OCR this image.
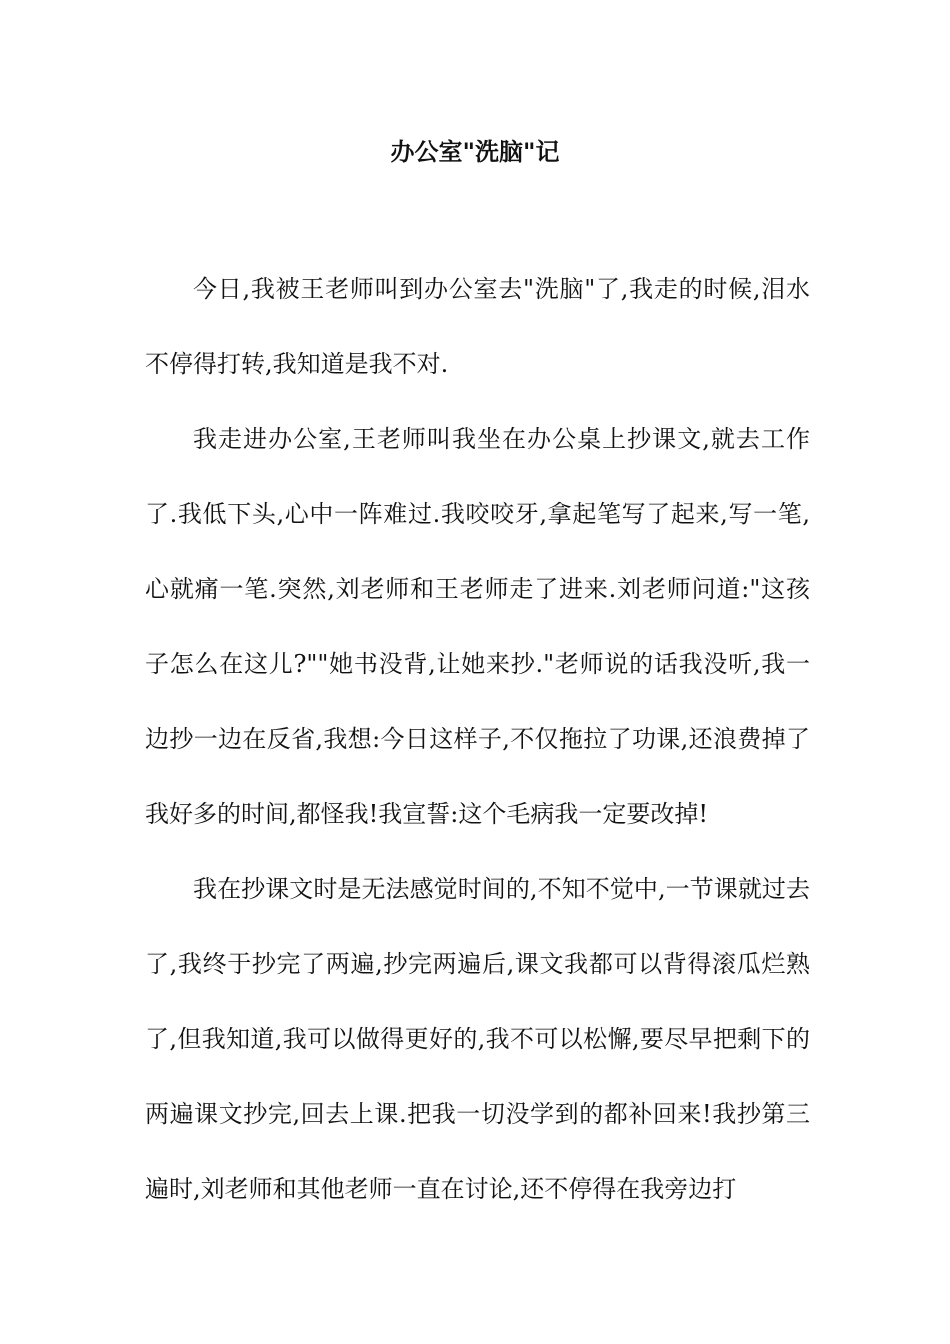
办公室"洗脑"记

今日,我被王老师叫到办公室去"洗脑"了,我走的时候,泪水不停得打转,我知道是我不对.

我走进办公室,王老师叫我坐在办公桌上抄课文,就去工作了.我低下头,心中一阵难过.我咬咬牙,拿起笔写了起来,写一笔,心就痛一笔.突然,刘老师和王老师走了进来.刘老师问道:"这孩子怎么在这儿?""她书没背,让她来抄."老师说的话我没听,我一边抄一边在反省,我想:今日这样子,不仅拖拉了功课,还浪费掉了我好多的时间,都怪我!我宣誓:这个毛病我一定要改掉!

我在抄课文时是无法感觉时间的,不知不觉中,一节课就过去了,我终于抄完了两遍,抄完两遍后,课文我都可以背得滚瓜烂熟了,但我知道,我可以做得更好的,我不可以松懈,要尽早把剩下的两遍课文抄完,回去上课.把我一切没学到的都补回来!我抄第三遍时,刘老师和其他老师一直在讨论,还不停得在我旁边打
